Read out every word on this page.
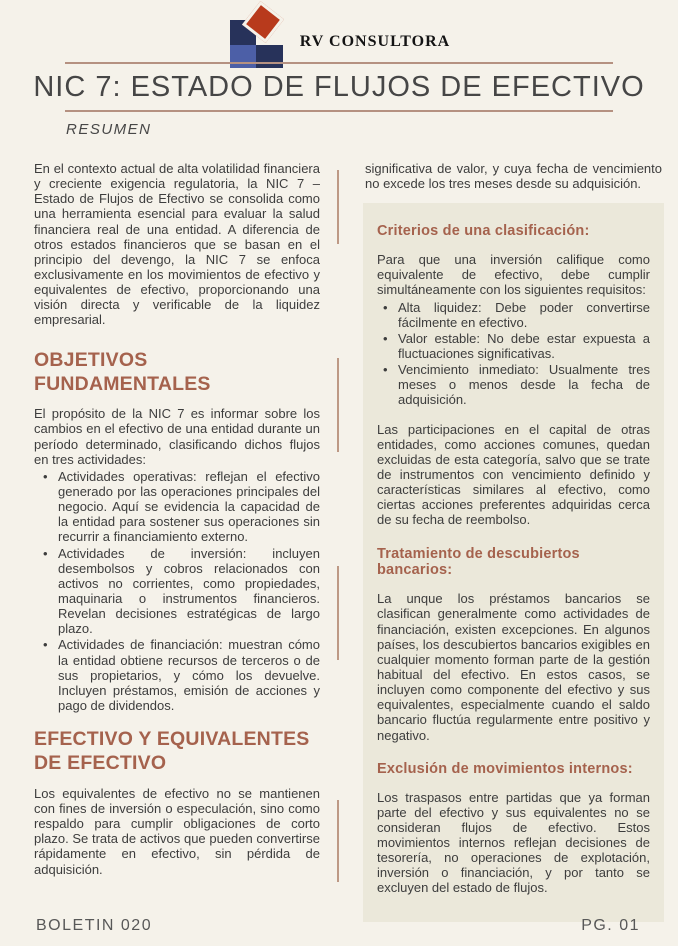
RV CONSULTORA
NIC 7: ESTADO DE FLUJOS DE EFECTIVO
RESUMEN

En el contexto actual de alta volatilidad financiera y creciente exigencia regulatoria, la NIC 7 – Estado de Flujos de Efectivo se consolida como una herramienta esencial para evaluar la salud financiera real de una entidad. A diferencia de otros estados financieros que se basan en el principio del devengo, la NIC 7 se enfoca exclusivamente en los movimientos de efectivo y equivalentes de efectivo, proporcionando una visión directa y verificable de la liquidez empresarial.

OBJETIVOS FUNDAMENTALES

El propósito de la NIC 7 es informar sobre los cambios en el efectivo de una entidad durante un período determinado, clasificando dichos flujos en tres actividades:

• Actividades operativas: reflejan el efectivo generado por las operaciones principales del negocio. Aquí se evidencia la capacidad de la entidad para sostener sus operaciones sin recurrir a financiamiento externo.
• Actividades de inversión: incluyen desembolsos y cobros relacionados con activos no corrientes, como propiedades, maquinaria o instrumentos financieros. Revelan decisiones estratégicas de largo plazo.
• Actividades de financiación: muestran cómo la entidad obtiene recursos de terceros o de sus propietarios, y cómo los devuelve. Incluyen préstamos, emisión de acciones y pago de dividendos.
EFECTIVO Y EQUIVALENTES DE EFECTIVO

Los equivalentes de efectivo no se mantienen con fines de inversión o especulación, sino como respaldo para cumplir obligaciones de corto plazo. Se trata de activos que pueden convertirse rápidamente en efectivo, sin pérdida de adquisición.

significativa de valor, y cuya fecha de vencimiento no excede los tres meses desde su adquisición.

Criterios de una clasificación:

Para que una inversión califique como equivalente de efectivo, debe cumplir simultáneamente con los siguientes requisitos:

• Alta liquidez: Debe poder convertirse fácilmente en efectivo.
• Valor estable: No debe estar expuesta a fluctuaciones significativas.
• Vencimiento inmediato: Usualmente tres meses o menos desde la fecha de adquisición.

Las participaciones en el capital de otras entidades, como acciones comunes, quedan excluidas de esta categoría, salvo que se trate de instrumentos con vencimiento definido y características similares al efectivo, como ciertas acciones preferentes adquiridas cerca de su fecha de reembolso.

Tratamiento de descubiertos bancarios:

La unque los préstamos bancarios se clasifican generalmente como actividades de financiación, existen excepciones. En algunos países, los descubiertos bancarios exigibles en cualquier momento forman parte de la gestión habitual del efectivo. En estos casos, se incluyen como componente del efectivo y sus equivalentes, especialmente cuando el saldo bancario fluctúa regularmente entre positivo y negativo.

Exclusión de movimientos internos:

Los traspasos entre partidas que ya forman parte del efectivo y sus equivalentes no se consideran flujos de efectivo. Estos movimientos internos reflejan decisiones de tesorería, no operaciones de explotación, inversión o financiación, y por tanto se excluyen del estado de flujos.

BOLETIN 020	PG. 01
